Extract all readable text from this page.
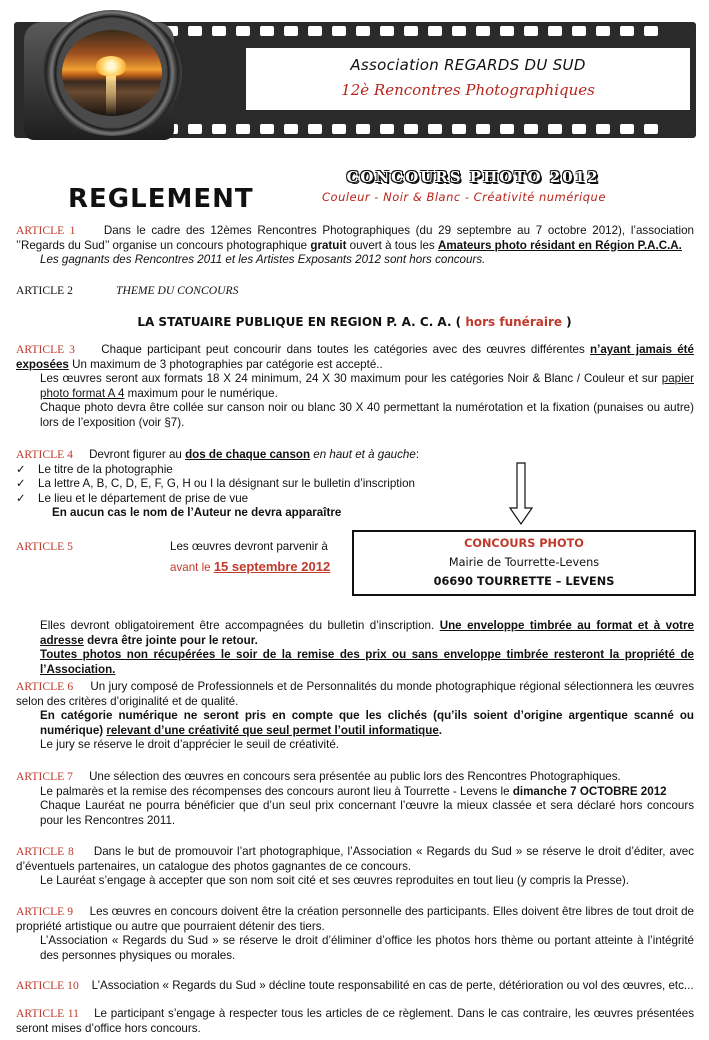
Association REGARDS DU SUD
12è Rencontres Photographiques
REGLEMENT
CONCOURS PHOTO 2012
Couleur - Noir & Blanc - Créativité numérique
ARTICLE 1 Dans le cadre des 12èmes Rencontres Photographiques (du 29 septembre au 7 octobre 2012), l’association ’’Regards du Sud’’ organise un concours photographique gratuit ouvert à tous les Amateurs photo résidant en Région P.A.C.A.
Les gagnants des Rencontres 2011 et les Artistes Exposants 2012 sont hors concours.
ARTICLE 2	THEME DU CONCOURS
LA STATUAIRE PUBLIQUE EN REGION P. A. C. A. ( hors funéraire )
ARTICLE 3 Chaque participant peut concourir dans toutes les catégories avec des œuvres différentes n’ayant jamais été exposées Un maximum de 3 photographies par catégorie est accepté..
Les œuvres seront aux formats 18 X 24 minimum, 24 X 30 maximum pour les catégories Noir & Blanc / Couleur et sur papier photo format A 4 maximum pour le numérique.
Chaque photo devra être collée sur canson noir ou blanc 30 X 40 permettant la numérotation et la fixation (punaises ou autre) lors de l’exposition (voir §7).
ARTICLE 4 Devront figurer au dos de chaque canson en haut et à gauche:
✓ Le titre de la photographie
✓ La lettre A, B, C, D, E, F, G, H ou I la désignant sur le bulletin d’inscription
✓ Le lieu et le département de prise de vue
En aucun cas le nom de l’Auteur ne devra apparaître
ARTICLE 5	Les œuvres devront parvenir à
avant le 15 septembre 2012
CONCOURS PHOTO
Mairie de Tourrette-Levens
06690 TOURRETTE – LEVENS
Elles devront obligatoirement être accompagnées du bulletin d’inscription. Une enveloppe timbrée au format et à votre adresse devra être jointe pour le retour.
Toutes photos non récupérées le soir de la remise des prix ou sans enveloppe timbrée resteront la propriété de l’Association.
ARTICLE 6 Un jury composé de Professionnels et de Personnalités du monde photographique régional sélectionnera les œuvres selon des critères d’originalité et de qualité.
En catégorie numérique ne seront pris en compte que les clichés (qu’ils soient d’origine argentique scanné ou numérique) relevant d’une créativité que seul permet l’outil informatique.
Le jury se réserve le droit d’apprécier le seuil de créativité.
ARTICLE 7 Une sélection des œuvres en concours sera présentée au public lors des Rencontres Photographiques.
Le palmarès et la remise des récompenses des concours auront lieu à Tourrette - Levens le dimanche 7 OCTOBRE 2012
Chaque Lauréat ne pourra bénéficier que d’un seul prix concernant l’œuvre la mieux classée et sera déclaré hors concours pour les Rencontres 2011.
ARTICLE 8 Dans le but de promouvoir l’art photographique, l’Association « Regards du Sud » se réserve le droit d’éditer, avec d’éventuels partenaires, un catalogue des photos gagnantes de ce concours.
Le Lauréat s’engage à accepter que son nom soit cité et ses œuvres reproduites en tout lieu (y compris la Presse).
ARTICLE 9 Les œuvres en concours doivent être la création personnelle des participants. Elles doivent être libres de tout droit de propriété artistique ou autre que pourraient détenir des tiers.
L’Association « Regards du Sud » se réserve le droit d’éliminer d’office les photos hors thème ou portant atteinte à l’intégrité des personnes physiques ou morales.
ARTICLE 10 L’Association « Regards du Sud » décline toute responsabilité en cas de perte, détérioration ou vol des œuvres, etc...
ARTICLE 11 Le participant s’engage à respecter tous les articles de ce règlement. Dans le cas contraire, les œuvres présentées seront mises d’office hors concours.
